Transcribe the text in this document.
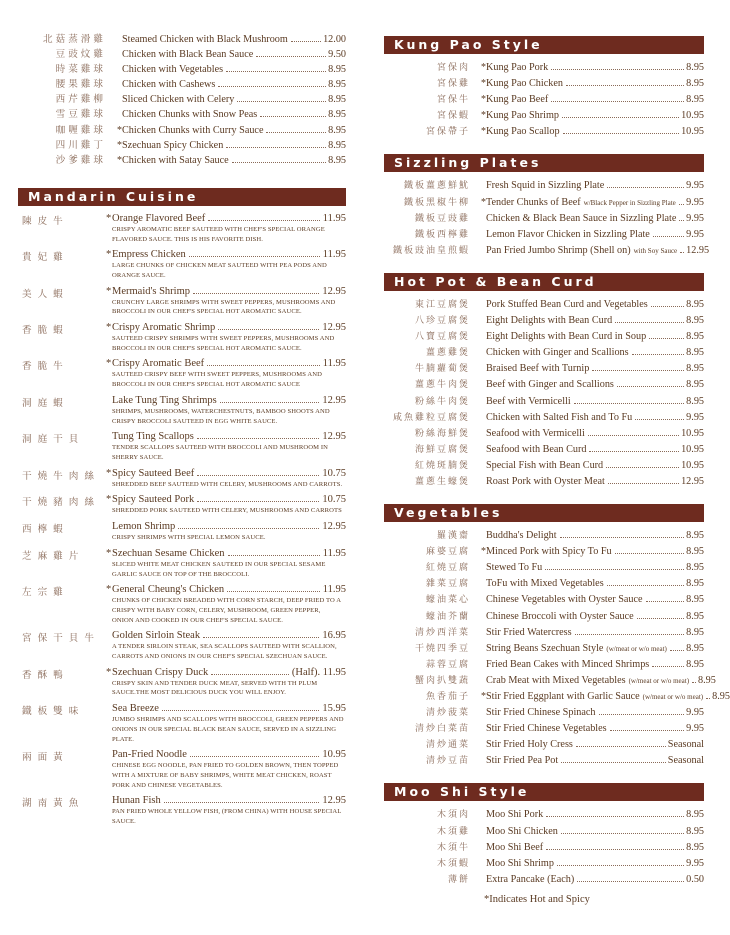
北菇蒸滑雞	Steamed Chicken with Black Mushroom	12.00
豆豉炆雞	Chicken with Black Bean Sauce	9.50
時菜雞球	Chicken with Vegetables	8.95
腰果雞球	Chicken with Cashews	8.95
西芹雞柳	Sliced Chicken with Celery	8.95
雪豆雞球	Chicken Chunks with Snow Peas	8.95
咖喱雞球	* Chicken Chunks with Curry Sauce	8.95
四川雞丁	* Szechuan Spicy Chicken	8.95
沙爹雞球	* Chicken with Satay Sauce	8.95
Mandarin Cuisine
陳皮牛	* Orange Flavored Beef	11.95
CRISPY AROMATIC BEEF SAUTEED WITH CHEF'S SPECIAL ORANGE FLAVORED SAUCE. THIS IS HIS FAVORITE DISH.
貴妃雞	* Empress Chicken	11.95
LARGE CHUNKS OF CHICKEN MEAT SAUTEED WITH PEA PODS AND ORANGE SAUCE.
美人蝦	* Mermaid's Shrimp	12.95
CRUNCHY LARGE SHRIMPS WITH SWEET PEPPERS, MUSHROOMS AND BROCCOLI IN OUR CHEF'S SPECIAL HOT AROMATIC SAUCE.
香脆蝦	* Crispy Aromatic Shrimp	12.95
SAUTEED CRISPY SHRIMPS WITH SWEET PEPPERS, MUSHROOMS AND BROCCOLI IN OUR CHEF'S SPECIAL HOT AROMATIC SAUCE.
香脆牛	* Crispy Aromatic Beef	11.95
SAUTEED CRISPY BEEF WITH SWEET PEPPERS, MUSHROOMS AND BROCCOLI IN OUR CHEF'S SPECIAL HOT AROMATIC SAUCE
洞庭蝦	Lake Tung Ting Shrimps	12.95
SHRIMPS, MUSHROOMS, WATERCHESTNUTS, BAMBOO SHOOTS AND CRISPY BROCCOLI SAUTEED IN EGG WHITE SAUCE.
洞庭干貝	Tung Ting Scallops	12.95
TENDER SCALLOPS SAUTEED WITH BROCCOLI AND MUSHROOM IN SHERRY SAUCE.
干燒牛肉絲 * Spicy Sauteed Beef	10.75
SHREDDED BEEF SAUTEED WITH CELERY, MUSHROOMS AND CARROTS.
干燒豬肉絲 * Spicy Sauteed Pork	10.75
SHREDDED PORK SAUTEED WITH CELERY, MUSHROOMS AND CARROTS
西檸蝦	Lemon Shrimp	12.95
CRISPY SHRIMPS WITH SPECIAL LEMON SAUCE.
芝麻雞片	* Szechuan Sesame Chicken	11.95
SLICED WHITE MEAT CHICKEN SAUTEED IN OUR SPECIAL SESAME GARLIC SAUCE ON TOP OF THE BROCCOLI.
左宗雞	* General Cheung's Chicken	11.95
CHUNKS OF CHICKEN BREADED WITH CORN STARCH, DEEP FRIED TO A CRISPY WITH BABY CORN, CELERY, MUSHROOM, GREEN PEPPER, ONION AND COOKED IN OUR CHEF'S SPECIAL SAUCE.
宮保干貝牛	Golden Sirloin Steak	16.95
A TENDER SIRLOIN STEAK, SEA SCALLOPS SAUTEED WITH SCALLION, CARROTS AND ONIONS IN OUR CHEF'S SPECIAL SZECHUAN SAUCE.
香酥鴨	* Szechuan Crispy Duck	(Half). 11.95
CRISPY SKIN AND TENDER DUCK MEAT, SERVED WITH TH PLUM SAUCE.THE MOST DELICIOUS DUCK YOU WILL ENJOY.
鐵板雙味	Sea Breeze	15.95
JUMBO SHRIMPS AND SCALLOPS WITH BROCCOLI, GREEN PEPPERS AND ONIONS IN OUR SPECIAL BLACK BEAN SAUCE, SERVED IN A SIZZLING PLATE.
兩面黃	Pan-Fried Noodle	10.95
CHINESE EGG NOODLE, PAN FRIED TO GOLDEN BROWN, THEN TOPPED WITH A MIXTURE OF BABY SHRIMPS, WHITE MEAT CHICKEN, ROAST PORK AND CHINESE VEGETABLES.
湖南黃魚	Hunan Fish	12.95
PAN FRIED WHOLE YELLOW FISH, (FROM CHINA) WITH HOUSE SPECIAL SAUCE.
Kung Pao Style
宮保肉	* Kung Pao Pork	8.95
宮保雞	* Kung Pao Chicken	8.95
宮保牛	* Kung Pao Beef	8.95
宮保蝦	* Kung Pao Shrimp	10.95
宮保帶子	* Kung Pao Scallop	10.95
Sizzling Plates
鐵板薑蔥鮮魷	Fresh Squid in Sizzling Plate	9.95
鐵板黑椒牛柳	* Tender Chunks of Beef w/Black Pepper in Sizzling Plate 9.95
鐵板豆豉雞	Chicken & Black Bean Sauce in Sizzling Plate 9.95
鐵板西檸雞	Lemon Flavor Chicken in Sizzling Plate	9.95
鐵板豉油皇煎蝦	Pan Fried Jumbo Shrimp (Shell on) with Soy Sauce 12.95
Hot Pot & Bean Curd
東江豆腐煲	Pork Stuffed Bean Curd and Vegetables	8.95
八珍豆腐煲	Eight Delights with Bean Curd	8.95
八寶豆腐煲	Eight Delights with Bean Curd in Soup	8.95
薑蔥雞煲	Chicken with Ginger and Scallions	8.95
牛腩蘿蔔煲	Braised Beef with Turnip	8.95
薑蔥牛肉煲	Beef with Ginger and Scallions	8.95
粉絲牛肉煲	Beef with Vermicelli	8.95
咸魚雞粒豆腐煲	Chicken with Salted Fish and To Fu	9.95
粉絲海鮮煲	Seafood with Vermicelli	10.95
海鮮豆腐煲	Seafood with Bean Curd	10.95
紅燒斑腩煲	Special Fish with Bean Curd	10.95
薑蔥生蠔煲	Roast Pork with Oyster Meat	12.95
Vegetables
羅漢齋	Buddha's Delight	8.95
麻婆豆腐	* Minced Pork with Spicy To Fu	8.95
紅燒豆腐	Stewed To Fu	8.95
雜菜豆腐	ToFu with Mixed Vegetables	8.95
蠔油菜心	Chinese Vegetables with Oyster Sauce	8.95
蠔油芥蘭	Chinese Broccoli with Oyster Sauce	8.95
清炒西洋菜	Stir Fried Watercress	8.95
干燒四季豆	String Beans Szechuan Style (w/meat or w/o meat) 8.95
蒜蓉豆腐	Fried Bean Cakes with Minced Shrimps	8.95
蟹肉扒雙蔬	Crab Meat with Mixed Vegetables (w/meat or w/o meat) 8.95
魚香茄子	* Stir Fried Eggplant with Garlic Sauce (w/meat or w/o meat) 8.95
清炒菠菜	Stir Fried Chinese Spinach	9.95
清炒白菜苗	Stir Fried Chinese Vegetables	9.95
清炒通菜	Stir Fried Holy Cress	Seasonal
清炒豆苗	Stir Fried Pea Pot	Seasonal
Moo Shi Style
木須肉	Moo Shi Pork	8.95
木須雞	Moo Shi Chicken	8.95
木須牛	Moo Shi Beef	8.95
木須蝦	Moo Shi Shrimp	9.95
薄餅	Extra Pancake (Each)	0.50
*Indicates Hot and Spicy
